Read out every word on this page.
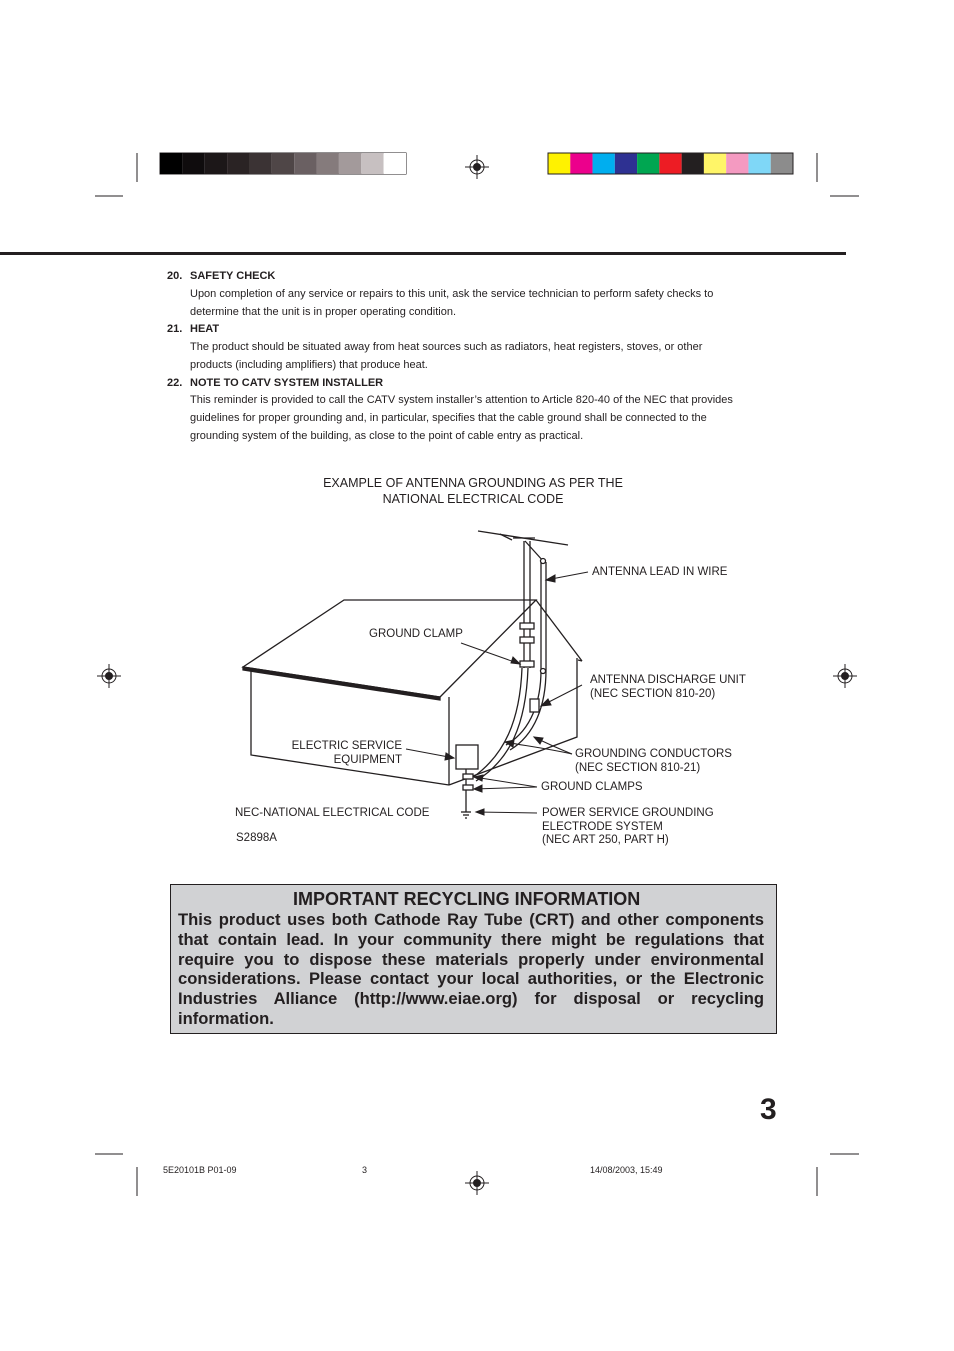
20. SAFETY CHECK
Upon completion of any service or repairs to this unit, ask the service technician to perform safety checks to
determine that the unit is in proper operating condition.
21. HEAT
The product should be situated away from heat sources such as radiators, heat registers, stoves, or other
products (including amplifiers) that produce heat.
22. NOTE TO CATV SYSTEM INSTALLER
This reminder is provided to call the CATV system installer’s attention to Article 820-40 of the NEC that provides
guidelines for proper grounding and, in particular, specifies that the cable ground shall be connected to the
grounding system of the building, as close to the point of cable entry as practical.
EXAMPLE OF ANTENNA GROUNDING AS PER THE
NATIONAL ELECTRICAL CODE
ANTENNA LEAD IN WIRE
GROUND CLAMP
ANTENNA DISCHARGE UNIT
(NEC SECTION 810-20)
ELECTRIC SERVICE
EQUIPMENT	GROUNDING CONDUCTORS
(NEC SECTION 810-21)
GROUND CLAMPS
NEC-NATIONAL ELECTRICAL CODE	POWER SERVICE GROUNDING
ELECTRODE SYSTEM
(NEC ART 250, PART H)
S2898A
IMPORTANT RECYCLING INFORMATION
This product uses both Cathode Ray Tube (CRT) and other components that contain lead. In your community there might be regulations that require you to dispose these materials properly under environmental considerations. Please contact your local authorities, or the Electronic Industries Alliance (http://www.eiae.org) for disposal or recycling information.
3
5E20101B P01-09	3	14/08/2003, 15:49
